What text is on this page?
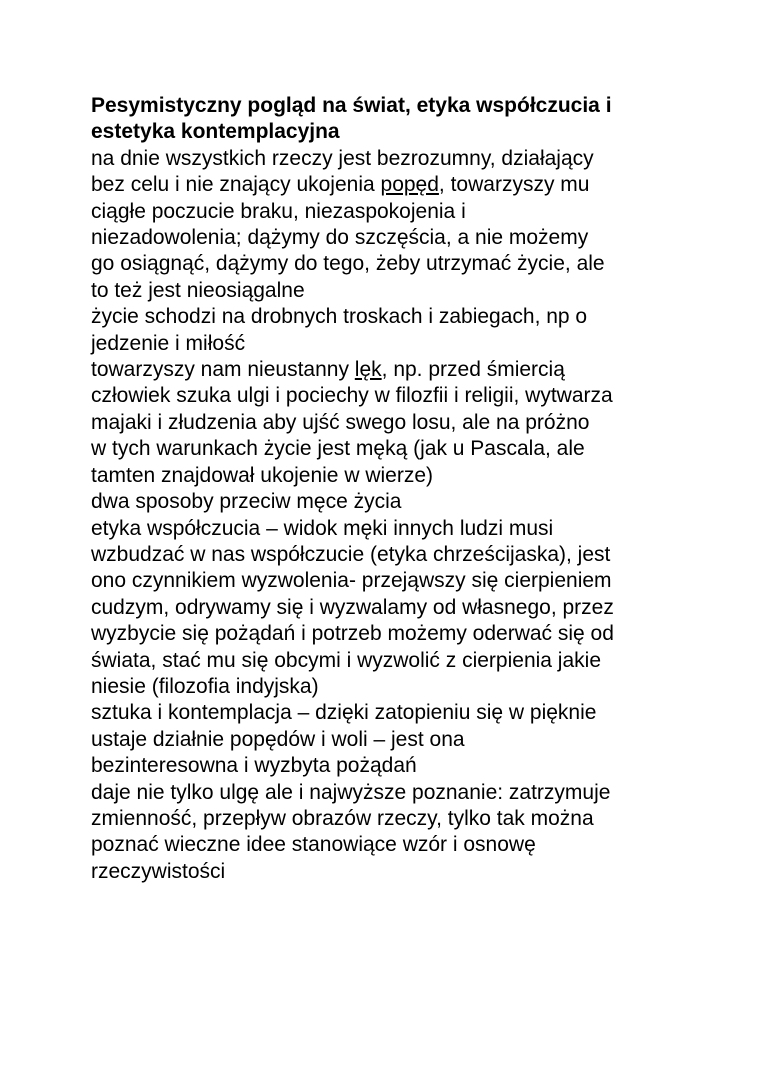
Pesymistyczny pogląd na świat, etyka współczucia i
estetyka kontemplacyjna
na dnie wszystkich rzeczy jest bezrozumny, działający
bez celu i nie znający ukojenia popęd, towarzyszy mu
ciągłe poczucie braku, niezaspokojenia i
niezadowolenia; dążymy do szczęścia, a nie możemy
go osiągnąć, dążymy do tego, żeby utrzymać życie, ale
to też jest nieosiągalne
życie schodzi na drobnych troskach i zabiegach, np o
jedzenie i miłość
towarzyszy nam nieustanny lęk, np. przed śmiercią
człowiek szuka ulgi i pociechy w filozfii i religii, wytwarza
majaki i złudzenia aby ujść swego losu, ale na próżno
w tych warunkach życie jest męką (jak u Pascala, ale
tamten znajdował ukojenie w wierze)
dwa sposoby przeciw męce życia
etyka współczucia – widok męki innych ludzi musi
wzbudzać w nas współczucie (etyka chrześcijaska), jest
ono czynnikiem wyzwolenia- przejąwszy się cierpieniem
cudzym, odrywamy się i wyzwalamy od własnego, przez
wyzbycie się pożądań i potrzeb możemy oderwać się od
świata, stać mu się obcymi i wyzwolić z cierpienia jakie
niesie (filozofia indyjska)
sztuka i kontemplacja – dzięki zatopieniu się w pięknie
ustaje działnie popędów i woli – jest ona
bezinteresowna i wyzbyta pożądań
daje nie tylko ulgę ale i najwyższe poznanie: zatrzymuje
zmienność, przepływ obrazów rzeczy, tylko tak można
poznać wieczne idee stanowiące wzór i osnowę
rzeczywistości
